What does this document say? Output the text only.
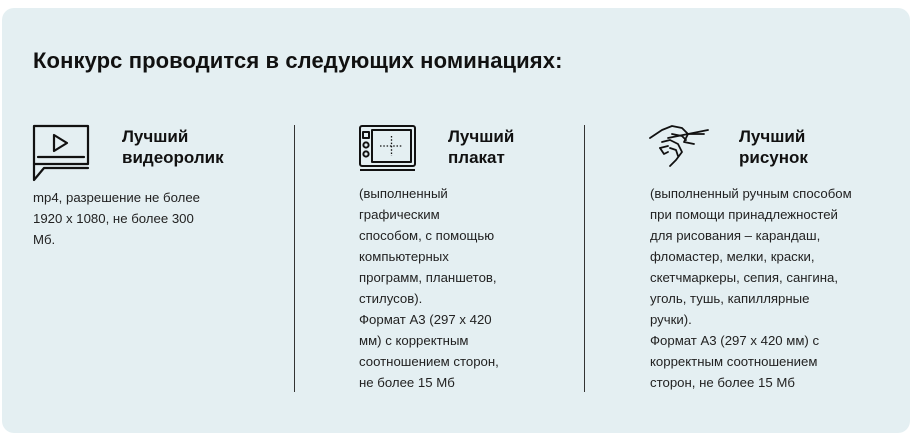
Конкурс проводится в следующих номинациях:
Лучший
видеоролик

mp4, разрешение не более
1920 x 1080, не более 300
Мб.

Лучший
плакат

(выполненный
графическим
способом, с помощью
компьютерных
программ, планшетов,
стилусов).
Формат А3 (297 x 420
мм) с корректным
соотношением сторон,
не более 15 Мб

Лучший
рисунок

(выполненный ручным способом
при помощи принадлежностей
для рисования – карандаш,
фломастер, мелки, краски,
скетчмаркеры, сепия, сангина,
уголь, тушь, капиллярные
ручки).
Формат А3 (297 x 420 мм) с
корректным соотношением
сторон, не более 15 Мб
